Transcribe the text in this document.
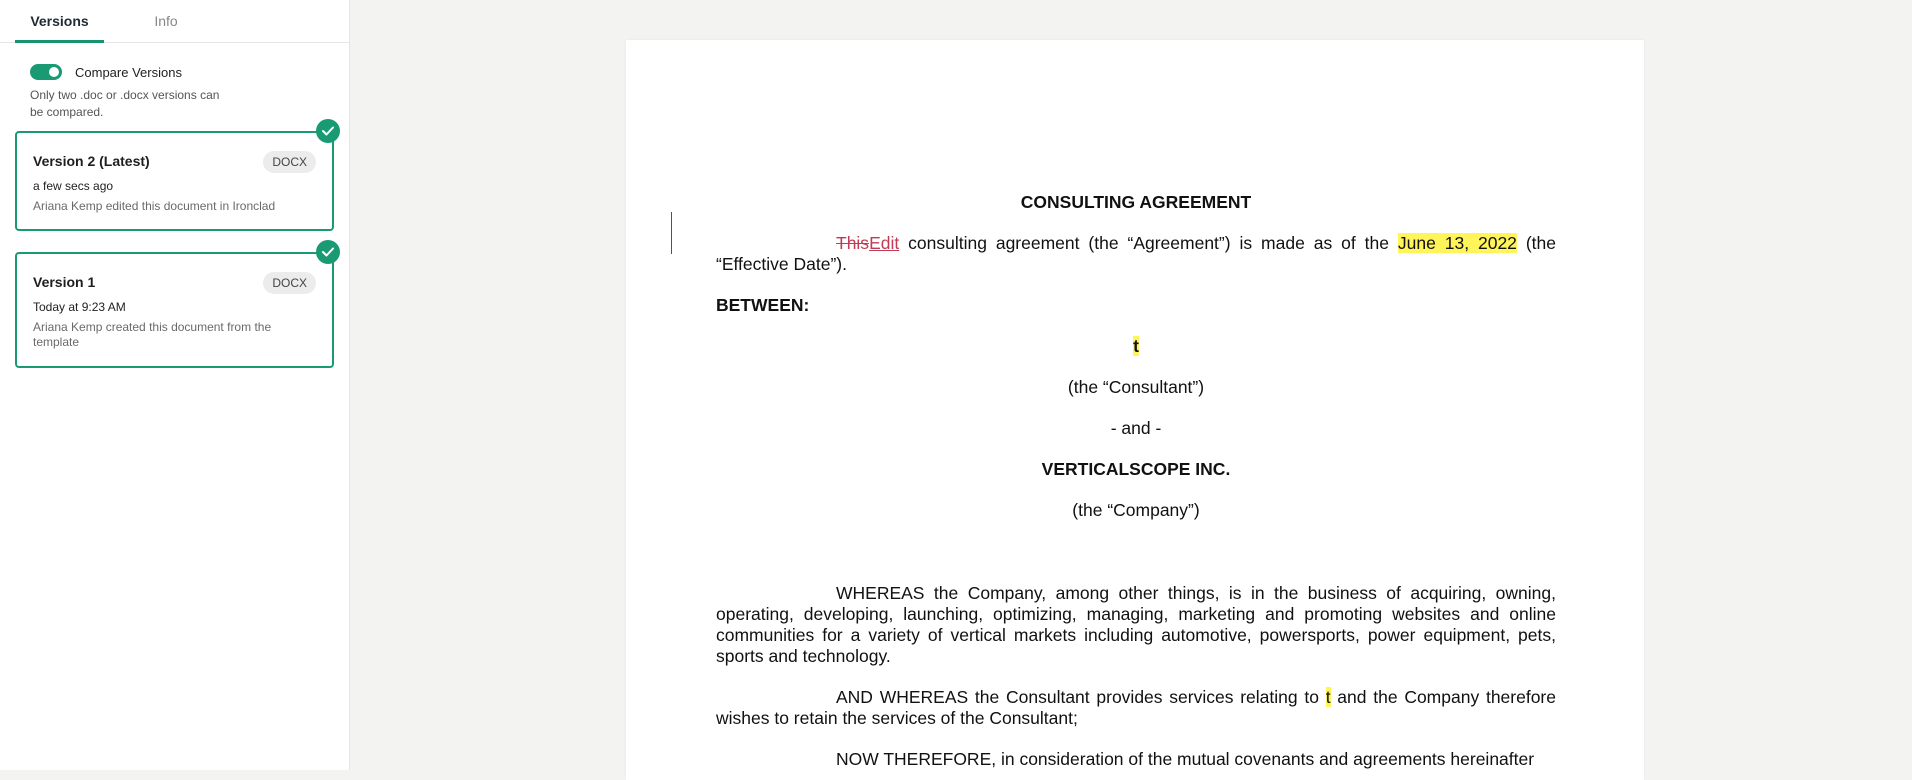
Versions	Info
Compare Versions
Only two .doc or .docx versions can be compared.
Version 2 (Latest)	DOCX
a few secs ago
Ariana Kemp edited this document in Ironclad
Version 1	DOCX
Today at 9:23 AM
Ariana Kemp created this document from the template
CONSULTING AGREEMENT
ThisEdit consulting agreement (the “Agreement”) is made as of the June 13, 2022 (the “Effective Date”).
BETWEEN:
t
(the “Consultant”)
- and -
VERTICALSCOPE INC.
(the “Company”)
WHEREAS the Company, among other things, is in the business of acquiring, owning, operating, developing, launching, optimizing, managing, marketing and promoting websites and online communities for a variety of vertical markets including automotive, powersports, power equipment, pets, sports and technology.
AND WHEREAS the Consultant provides services relating to t and the Company therefore wishes to retain the services of the Consultant;
NOW THEREFORE, in consideration of the mutual covenants and agreements hereinafter
